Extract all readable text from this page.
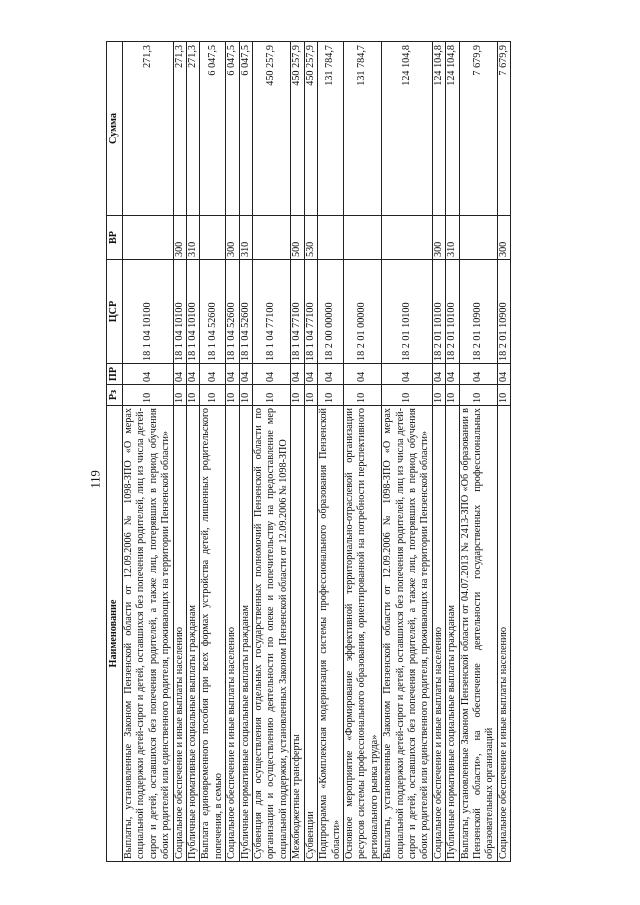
119
Наименование	Рз	ПР	ЦСР	ВР	Сумма
Выплаты, установленные Законом Пензенской области от 12.09.2006 № 1098-ЗПО «О мерах социальной поддержки детей-сирот и детей, оставшихся без попечения родителей, лиц из числа детей-сирот и детей, оставшихся без попечения родителей, а также лиц, потерявших в период обучения обоих родителей или единственного родителя, проживающих на территории Пензенской области»	10	04	18 1 04 10100		271,3
Социальное обеспечение и иные выплаты населению	10	04	18 1 04 10100	300	271,3
Публичные нормативные социальные выплаты гражданам	10	04	18 1 04 10100	310	271,3
Выплата единовременного пособия при всех формах устройства детей, лишенных родительского попечения, в семью	10	04	18 1 04 52600		6 047,5
Социальное обеспечение и иные выплаты населению	10	04	18 1 04 52600	300	6 047,5
Публичные нормативные социальные выплаты гражданам	10	04	18 1 04 52600	310	6 047,5
Субвенция для осуществления отдельных государственных полномочий Пензенской области по организации и осуществлению деятельности по опеке и попечительству на предоставление мер социальной поддержки, установленных Законом Пензенской области от 12.09.2006 № 1098-ЗПО	10	04	18 1 04 77100		450 257,9
Межбюджетные трансферты	10	04	18 1 04 77100	500	450 257,9
Субвенции	10	04	18 1 04 77100	530	450 257,9
Подпрограмма «Комплексная модернизация системы профессионального образования Пензенской области»	10	04	18 2 00 00000		131 784,7
Основное мероприятие «Формирование эффективной территориально-отраслевой организации ресурсов системы профессионального образования, ориентированной на потребности перспективного регионального рынка труда»	10	04	18 2 01 00000		131 784,7
Выплаты, установленные Законом Пензенской области от 12.09.2006 № 1098-ЗПО «О мерах социальной поддержки детей-сирот и детей, оставшихся без попечения родителей, лиц из числа детей-сирот и детей, оставшихся без попечения родителей, а также лиц, потерявших в период обучения обоих родителей или единственного родителя, проживающих на территории Пензенской области»	10	04	18 2 01 10100		124 104,8
Социальное обеспечение и иные выплаты населению	10	04	18 2 01 10100	300	124 104,8
Публичные нормативные социальные выплаты гражданам	10	04	18 2 01 10100	310	124 104,8
Выплаты, установленные Законом Пензенской области от 04.07.2013 № 2413-ЗПО «Об образовании в Пензенской области», на обеспечение деятельности государственных профессиональных образовательных организаций	10	04	18 2 01 10900		7 679,9
Социальное обеспечение и иные выплаты населению	10	04	18 2 01 10900	300	7 679,9
